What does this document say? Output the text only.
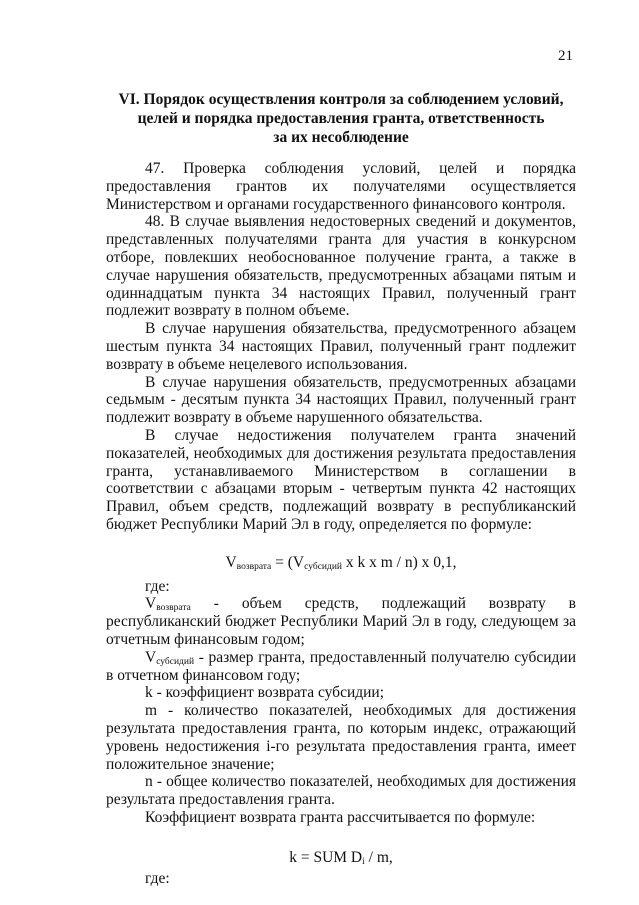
21
VI. Порядок осуществления контроля за соблюдением условий,
целей и порядка предоставления гранта, ответственность
за их несоблюдение

47. Проверка соблюдения условий, целей и порядка предоставления грантов их получателями осуществляется Министерством и органами государственного финансового контроля.

48. В случае выявления недостоверных сведений и документов, представленных получателями гранта для участия в конкурсном отборе, повлекших необоснованное получение гранта, а также в случае нарушения обязательств, предусмотренных абзацами пятым и одиннадцатым пункта 34 настоящих Правил, полученный грант подлежит возврату в полном объеме.

В случае нарушения обязательства, предусмотренного абзацем шестым пункта 34 настоящих Правил, полученный грант подлежит возврату в объеме нецелевого использования.

В случае нарушения обязательств, предусмотренных абзацами седьмым - десятым пункта 34 настоящих Правил, полученный грант подлежит возврату в объеме нарушенного обязательства.

В случае недостижения получателем гранта значений показателей, необходимых для достижения результата предоставления гранта, устанавливаемого Министерством в соглашении в соответствии с абзацами вторым - четвертым пункта 42 настоящих Правил, объем средств, подлежащий возврату в республиканский бюджет Республики Марий Эл в году, определяется по формуле:

$V_{возврата} = (V_{субсидий}$ x k x m / n) x 0,1,

где:

$V_{возврата}$ - объем средств, подлежащий возврату в республиканский бюджет Республики Марий Эл в году, следующем за отчетным финансовым годом;

$V_{субсидий}$ - размер гранта, предоставленный получателю субсидии в отчетном финансовом году;

k - коэффициент возврата субсидии;

m - количество показателей, необходимых для достижения результата предоставления гранта, по которым индекс, отражающий уровень недостижения i-го результата предоставления гранта, имеет положительное значение;

n - общее количество показателей, необходимых для достижения результата предоставления гранта.

Коэффициент возврата гранта рассчитывается по формуле:

k = SUM $D_i$ / m,

где:
